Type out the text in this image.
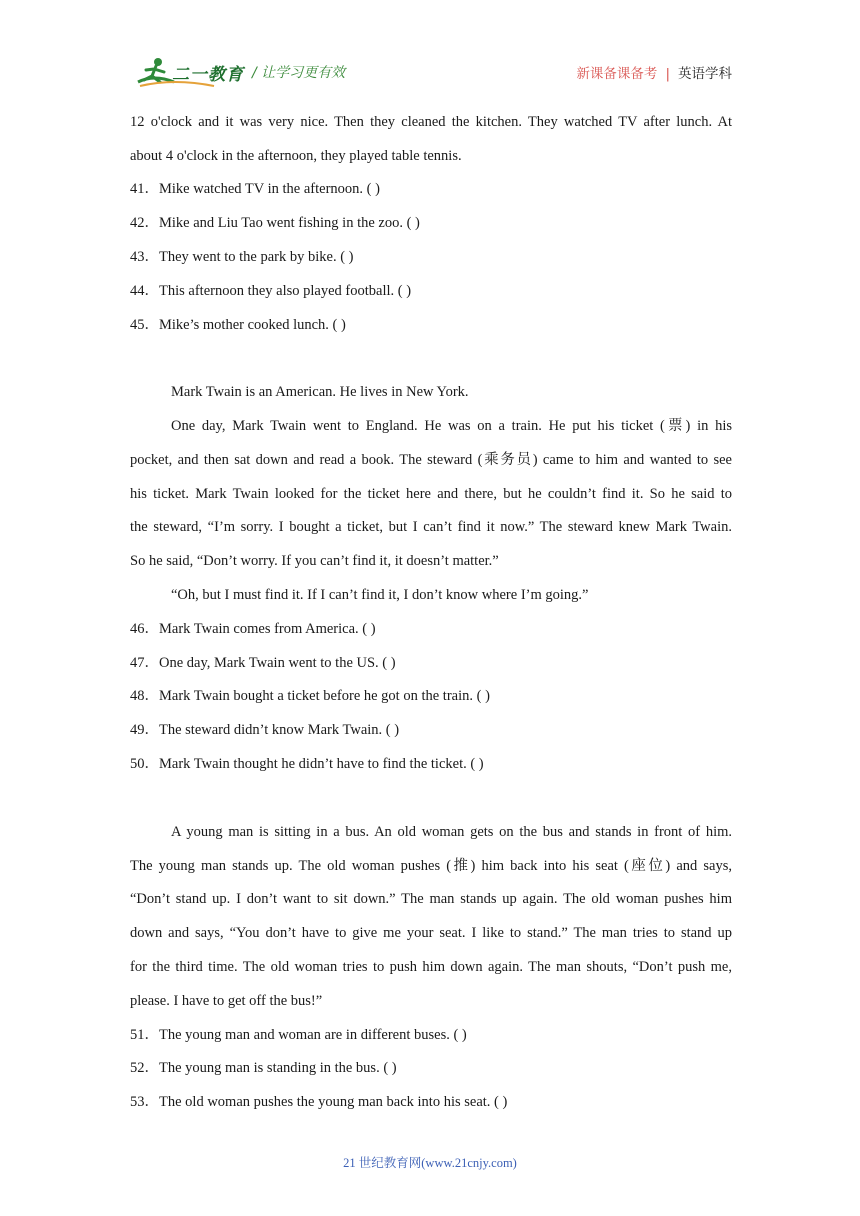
二一教育 / 让学习更有效	新课备课备考 | 英语学科
12 o'clock and it was very nice. Then they cleaned the kitchen. They watched TV after lunch. At
about 4 o'clock in the afternoon, they played table tennis.
41．Mike watched TV in the afternoon. ( )
42．Mike and Liu Tao went fishing in the zoo. ( )
43．They went to the park by bike. ( )
44．This afternoon they also played football. ( )
45．Mike’s mother cooked lunch. ( )
Mark Twain is an American. He lives in New York.
One day, Mark Twain went to England. He was on a train. He put his ticket (票) in his
pocket, and then sat down and read a book. The steward (乘务员) came to him and wanted to see
his ticket. Mark Twain looked for the ticket here and there, but he couldn’t find it. So he said to
the steward, “I’m sorry. I bought a ticket, but I can’t find it now.” The steward knew Mark Twain.
So he said, “Don’t worry. If you can’t find it, it doesn’t matter.”
“Oh, but I must find it. If I can’t find it, I don’t know where I’m going.”
46．Mark Twain comes from America. ( )
47．One day, Mark Twain went to the US. ( )
48．Mark Twain bought a ticket before he got on the train. ( )
49．The steward didn’t know Mark Twain. ( )
50．Mark Twain thought he didn’t have to find the ticket. ( )
A young man is sitting in a bus. An old woman gets on the bus and stands in front of him.
The young man stands up. The old woman pushes (推) him back into his seat (座位) and says,
“Don’t stand up. I don’t want to sit down.” The man stands up again. The old woman pushes him
down and says, “You don’t have to give me your seat. I like to stand.” The man tries to stand up
for the third time. The old woman tries to push him down again. The man shouts, “Don’t push me,
please. I have to get off the bus!”
51．The young man and woman are in different buses. ( )
52．The young man is standing in the bus. ( )
53．The old woman pushes the young man back into his seat. ( )
21 世纪教育网(www.21cnjy.com)
